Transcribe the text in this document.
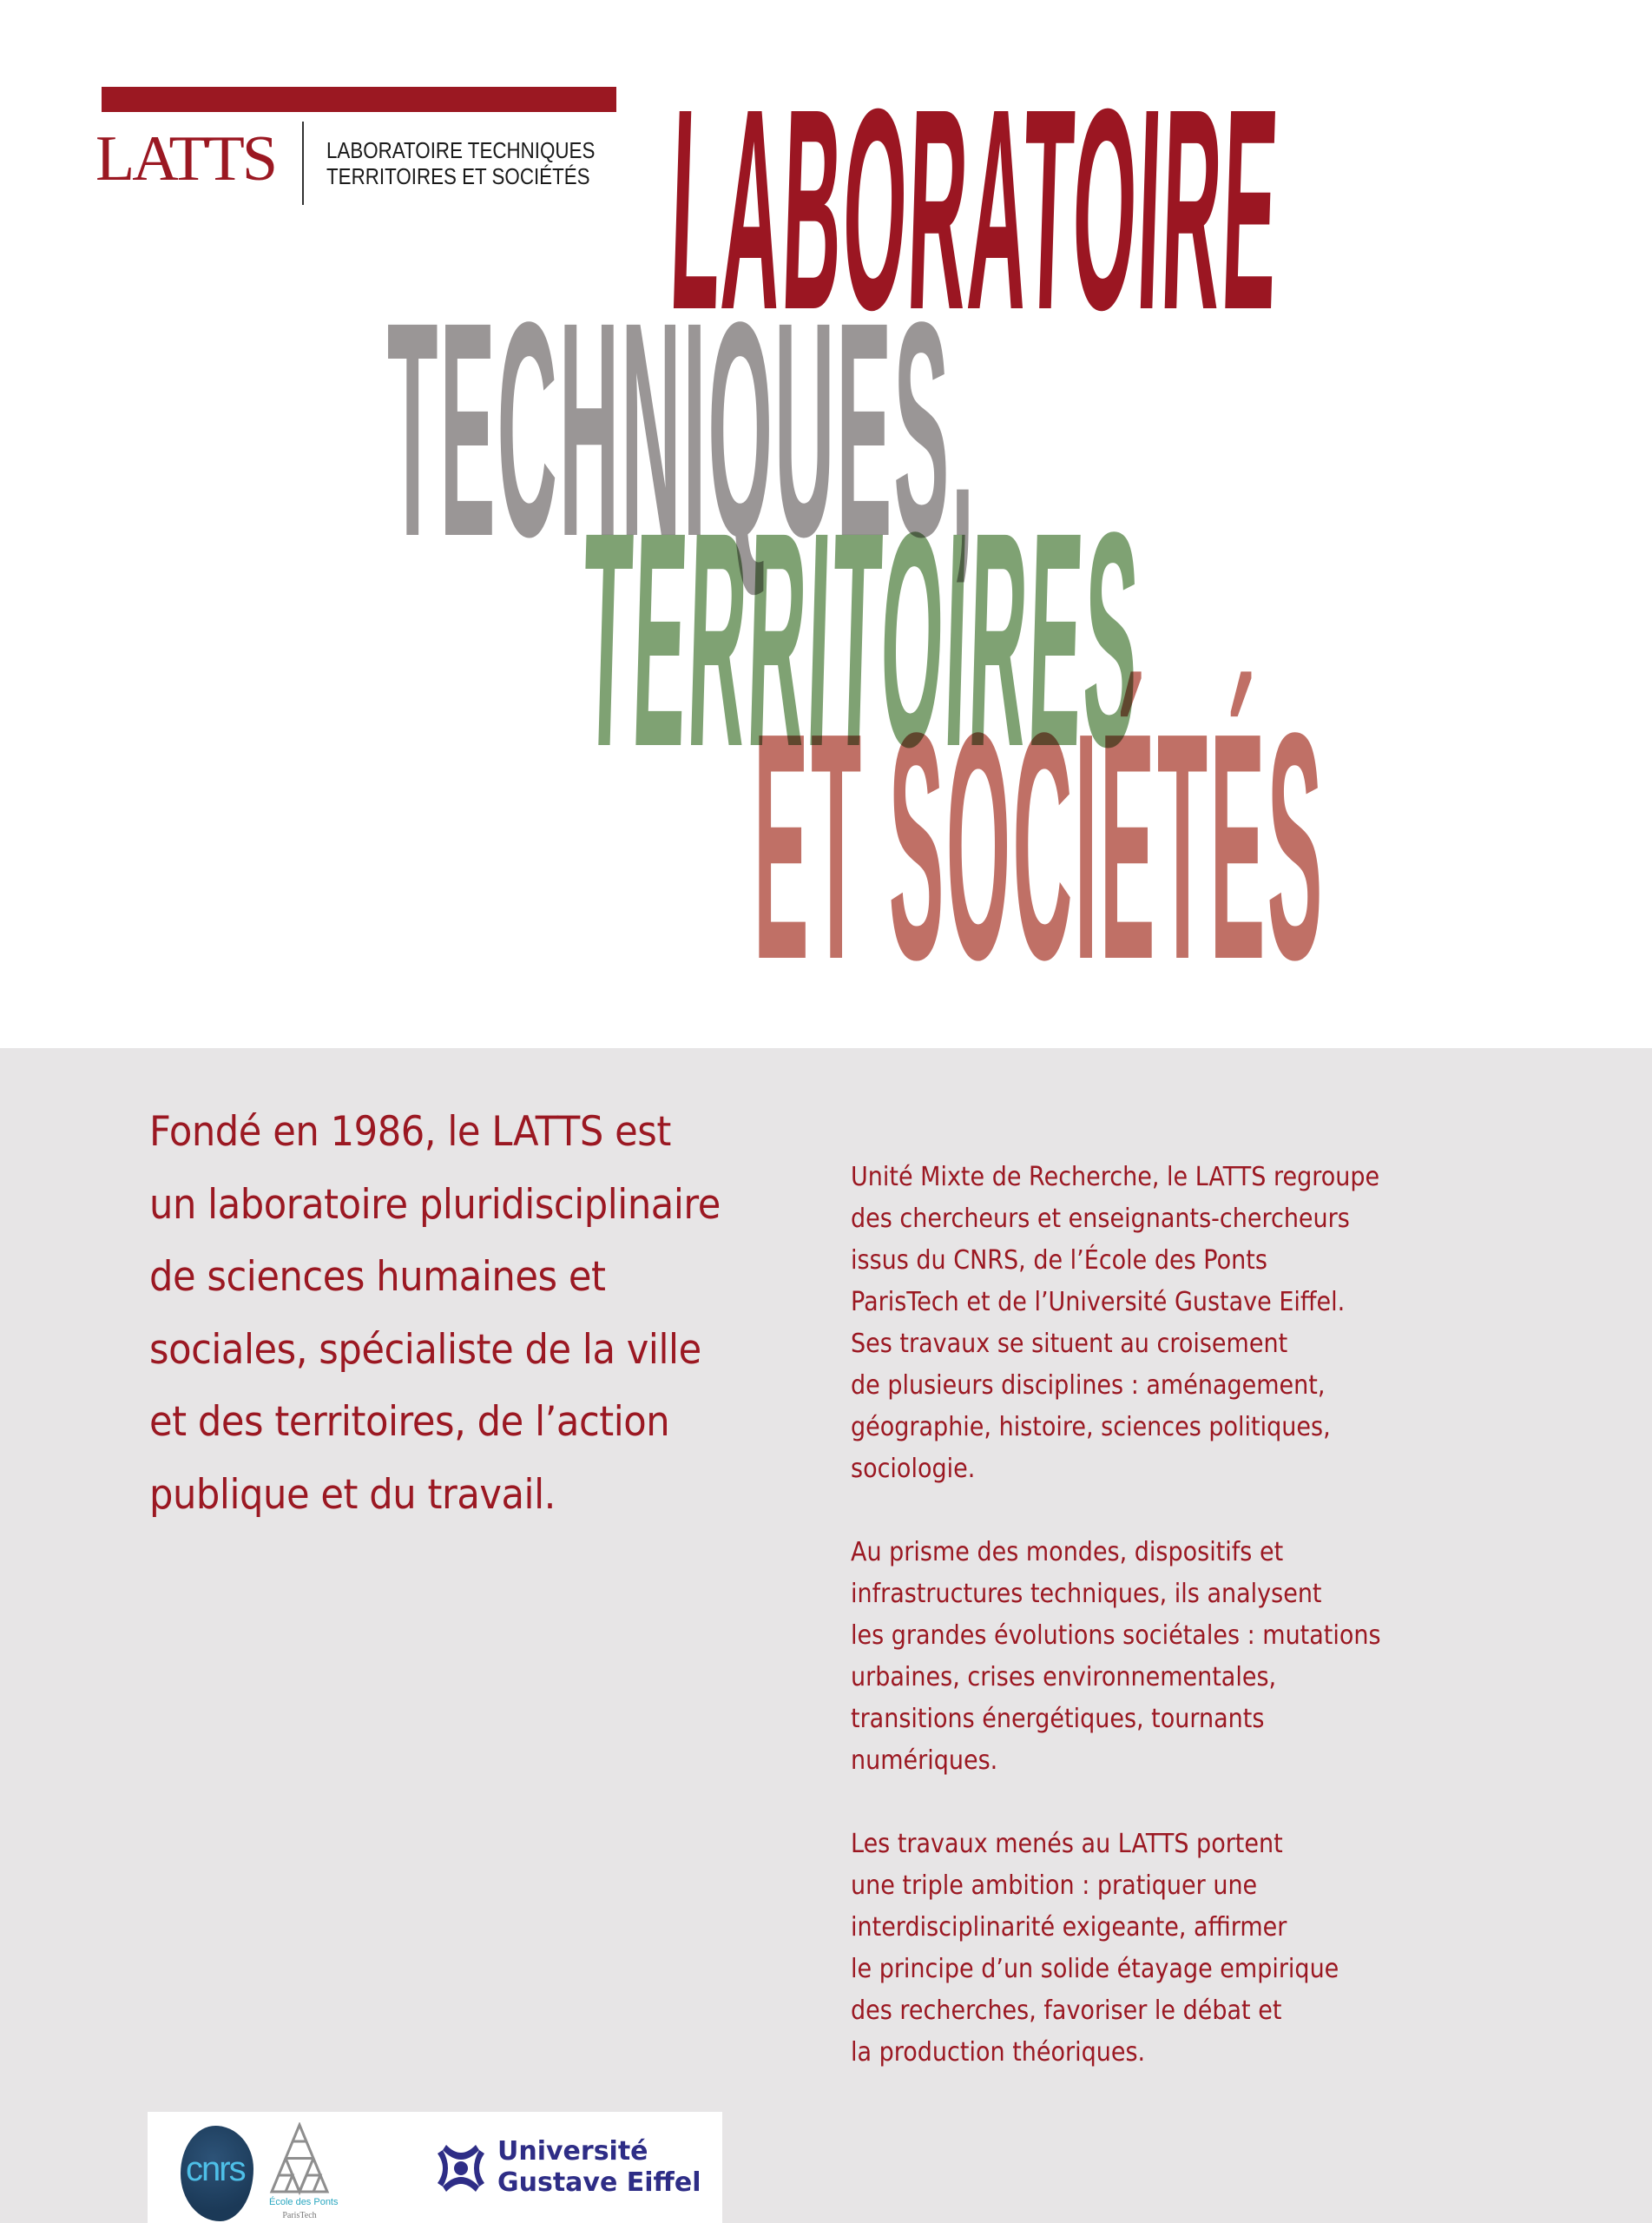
LATTS LABORATOIRE TECHNIQUES
TERRITOIRES ET SOCIÉTÉS LABORATOIRE
TECHNIQUES,
TERRITOIRES
ET SOCIÉTÉS
Fondé en 1986, le LATTS est
un laboratoire pluridisciplinaire
de sciences humaines et
sociales, spécialiste de la ville
et des territoires, de l’action
publique et du travail.

Unité Mixte de Recherche, le LATTS regroupe
des chercheurs et enseignants-chercheurs
issus du CNRS, de l’École des Ponts
ParisTech et de l’Université Gustave Eiffel.
Ses travaux se situent au croisement
de plusieurs disciplines : aménagement,
géographie, histoire, sciences politiques,
sociologie.

Au prisme des mondes, dispositifs et
infrastructures techniques, ils analysent
les grandes évolutions sociétales : mutations
urbaines, crises environnementales,
transitions énergétiques, tournants
numériques.

Les travaux menés au LATTS portent
une triple ambition : pratiquer une
interdisciplinarité exigeante, affirmer
le principe d’un solide étayage empirique
des recherches, favoriser le débat et
la production théoriques.

cnrs
École des Ponts
ParisTech
Université
Gustave Eiffel
